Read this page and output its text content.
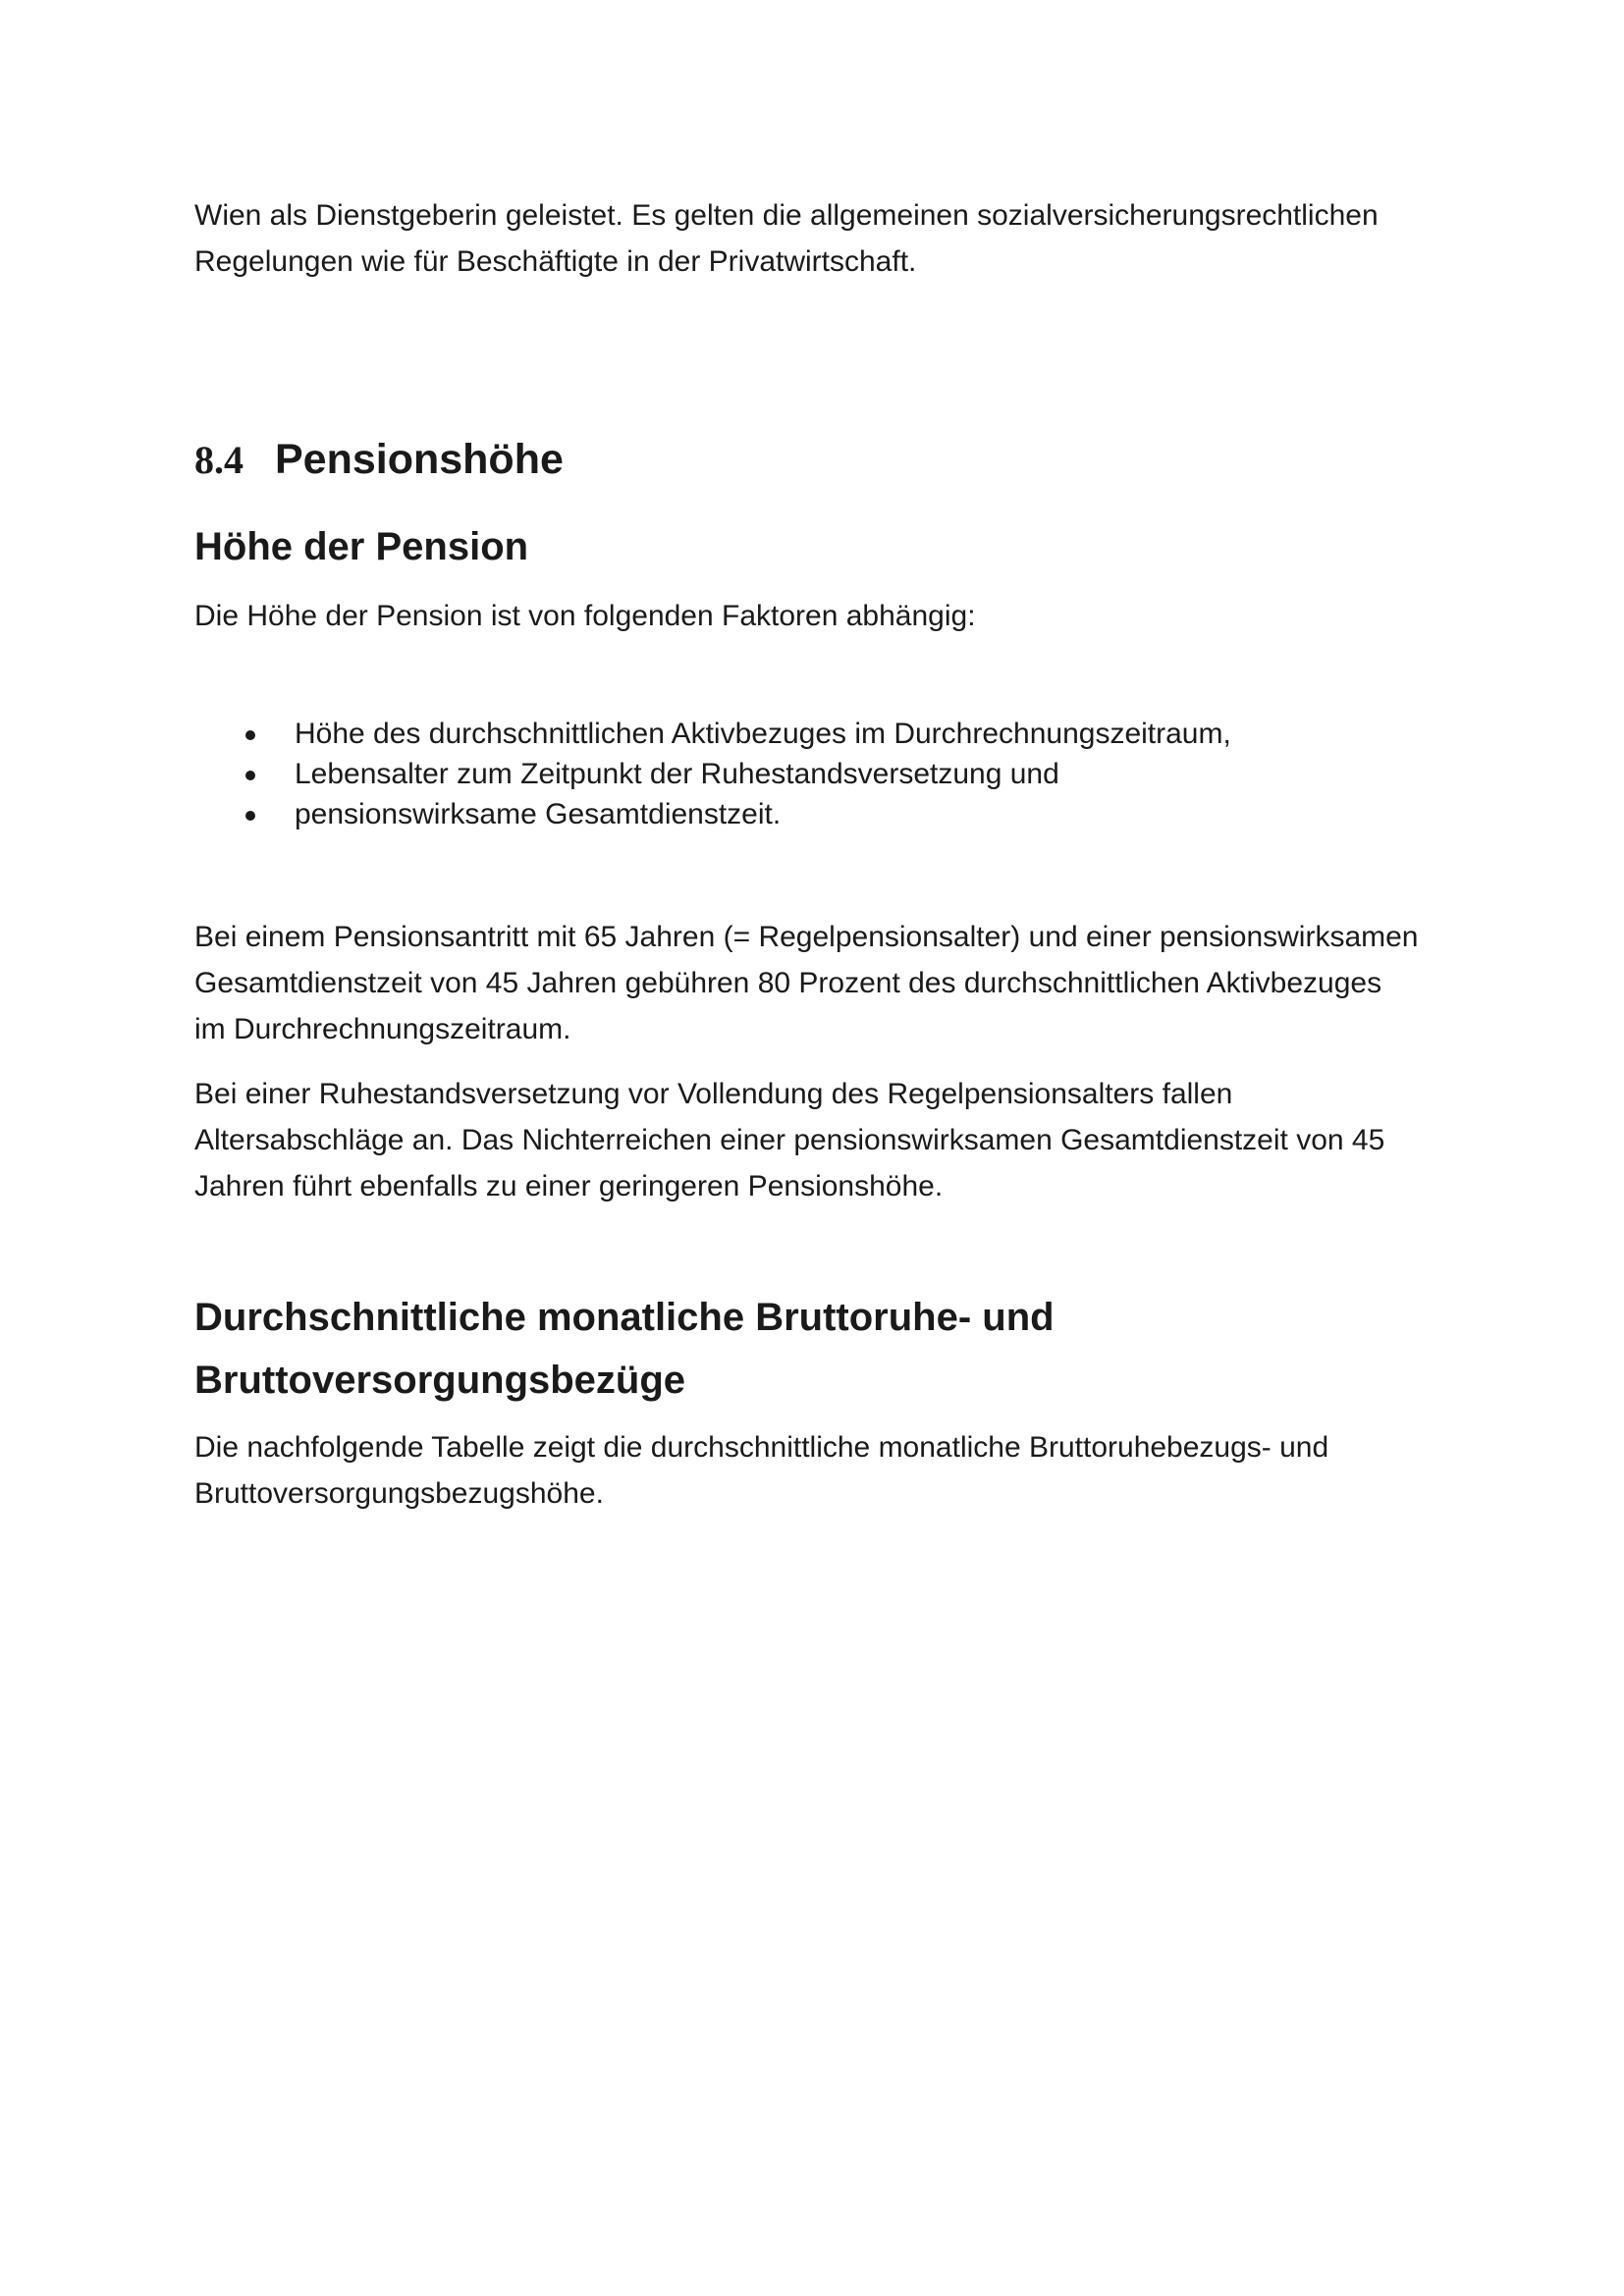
Wien als Dienstgeberin geleistet. Es gelten die allgemeinen sozialversicherungsrechtlichen
Regelungen wie für Beschäftigte in der Privatwirtschaft.

8.4 Pensionshöhe
Höhe der Pension

Die Höhe der Pension ist von folgenden Faktoren abhängig:

Höhe des durchschnittlichen Aktivbezuges im Durchrechnungszeitraum,
Lebensalter zum Zeitpunkt der Ruhestandsversetzung und
pensionswirksame Gesamtdienstzeit.

Bei einem Pensionsantritt mit 65 Jahren (= Regelpensionsalter) und einer pensionswirksamen
Gesamtdienstzeit von 45 Jahren gebühren 80 Prozent des durchschnittlichen Aktivbezuges
im Durchrechnungszeitraum.

Bei einer Ruhestandsversetzung vor Vollendung des Regelpensionsalters fallen
Altersabschläge an. Das Nichterreichen einer pensionswirksamen Gesamtdienstzeit von 45
Jahren führt ebenfalls zu einer geringeren Pensionshöhe.

Durchschnittliche monatliche Bruttoruhe- und
Bruttoversorgungsbezüge

Die nachfolgende Tabelle zeigt die durchschnittliche monatliche Bruttoruhebezugs- und
Bruttoversorgungsbezugshöhe.
